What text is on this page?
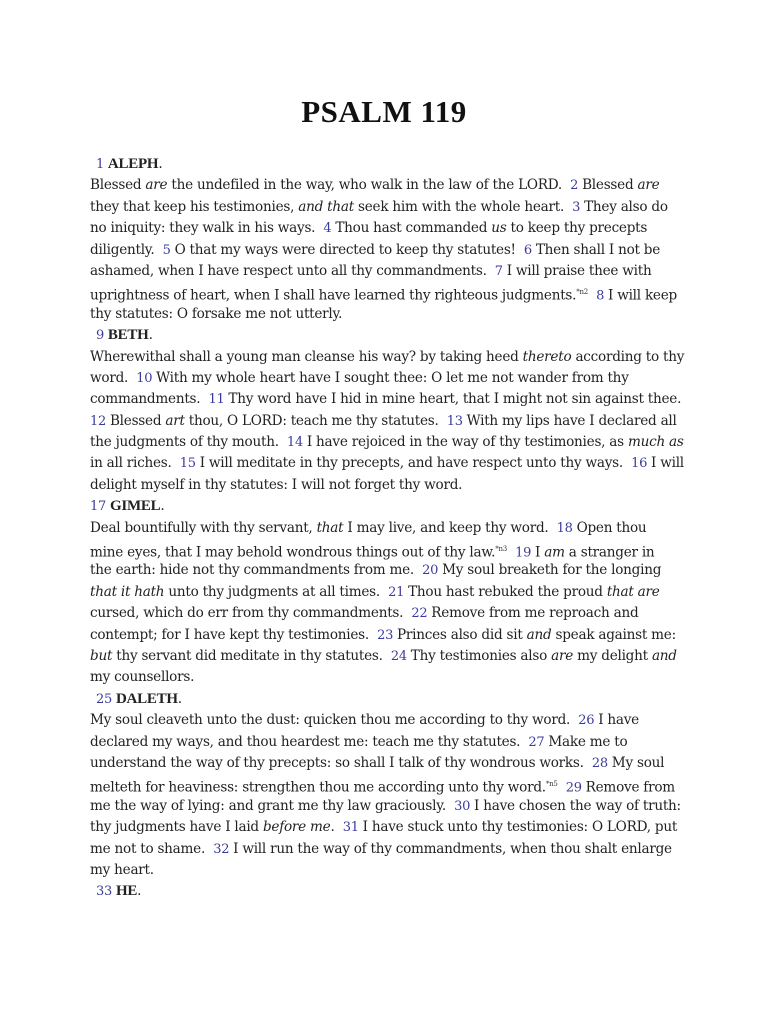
PSALM 119
1 ALEPH.
Blessed are the undefiled in the way, who walk in the law of the LORD.  2 Blessed are
they that keep his testimonies, and that seek him with the whole heart.  3 They also do
no iniquity: they walk in his ways.  4 Thou hast commanded us to keep thy precepts
diligently.  5 O that my ways were directed to keep thy statutes!  6 Then shall I not be
ashamed, when I have respect unto all thy commandments.  7 I will praise thee with
uprightness of heart, when I shall have learned thy righteous judgments.$^{*n2}$ 8 I will keep
thy statutes: O forsake me not utterly.
9 BETH.
Wherewithal shall a young man cleanse his way? by taking heed thereto according to thy
word.  10 With my whole heart have I sought thee: O let me not wander from thy
commandments.  11 Thy word have I hid in mine heart, that I might not sin against thee.
12 Blessed art thou, O LORD: teach me thy statutes.  13 With my lips have I declared all
the judgments of thy mouth.  14 I have rejoiced in the way of thy testimonies, as much as
in all riches.  15 I will meditate in thy precepts, and have respect unto thy ways.  16 I will
delight myself in thy statutes: I will not forget thy word.
17 GIMEL.
Deal bountifully with thy servant, that I may live, and keep thy word.  18 Open thou
mine eyes, that I may behold wondrous things out of thy law.$^{*n3}$ 19 I am a stranger in
the earth: hide not thy commandments from me.  20 My soul breaketh for the longing
that it hath unto thy judgments at all times.  21 Thou hast rebuked the proud that are
cursed, which do err from thy commandments.  22 Remove from me reproach and
contempt; for I have kept thy testimonies.  23 Princes also did sit and speak against me:
but thy servant did meditate in thy statutes.  24 Thy testimonies also are my delight and
my counsellors.
25 DALETH.
My soul cleaveth unto the dust: quicken thou me according to thy word.  26 I have
declared my ways, and thou heardest me: teach me thy statutes.  27 Make me to
understand the way of thy precepts: so shall I talk of thy wondrous works.  28 My soul
melteth for heaviness: strengthen thou me according unto thy word.$^{*n5}$ 29 Remove from
me the way of lying: and grant me thy law graciously.  30 I have chosen the way of truth:
thy judgments have I laid before me.  31 I have stuck unto thy testimonies: O LORD, put
me not to shame.  32 I will run the way of thy commandments, when thou shalt enlarge
my heart.
33 HE.
